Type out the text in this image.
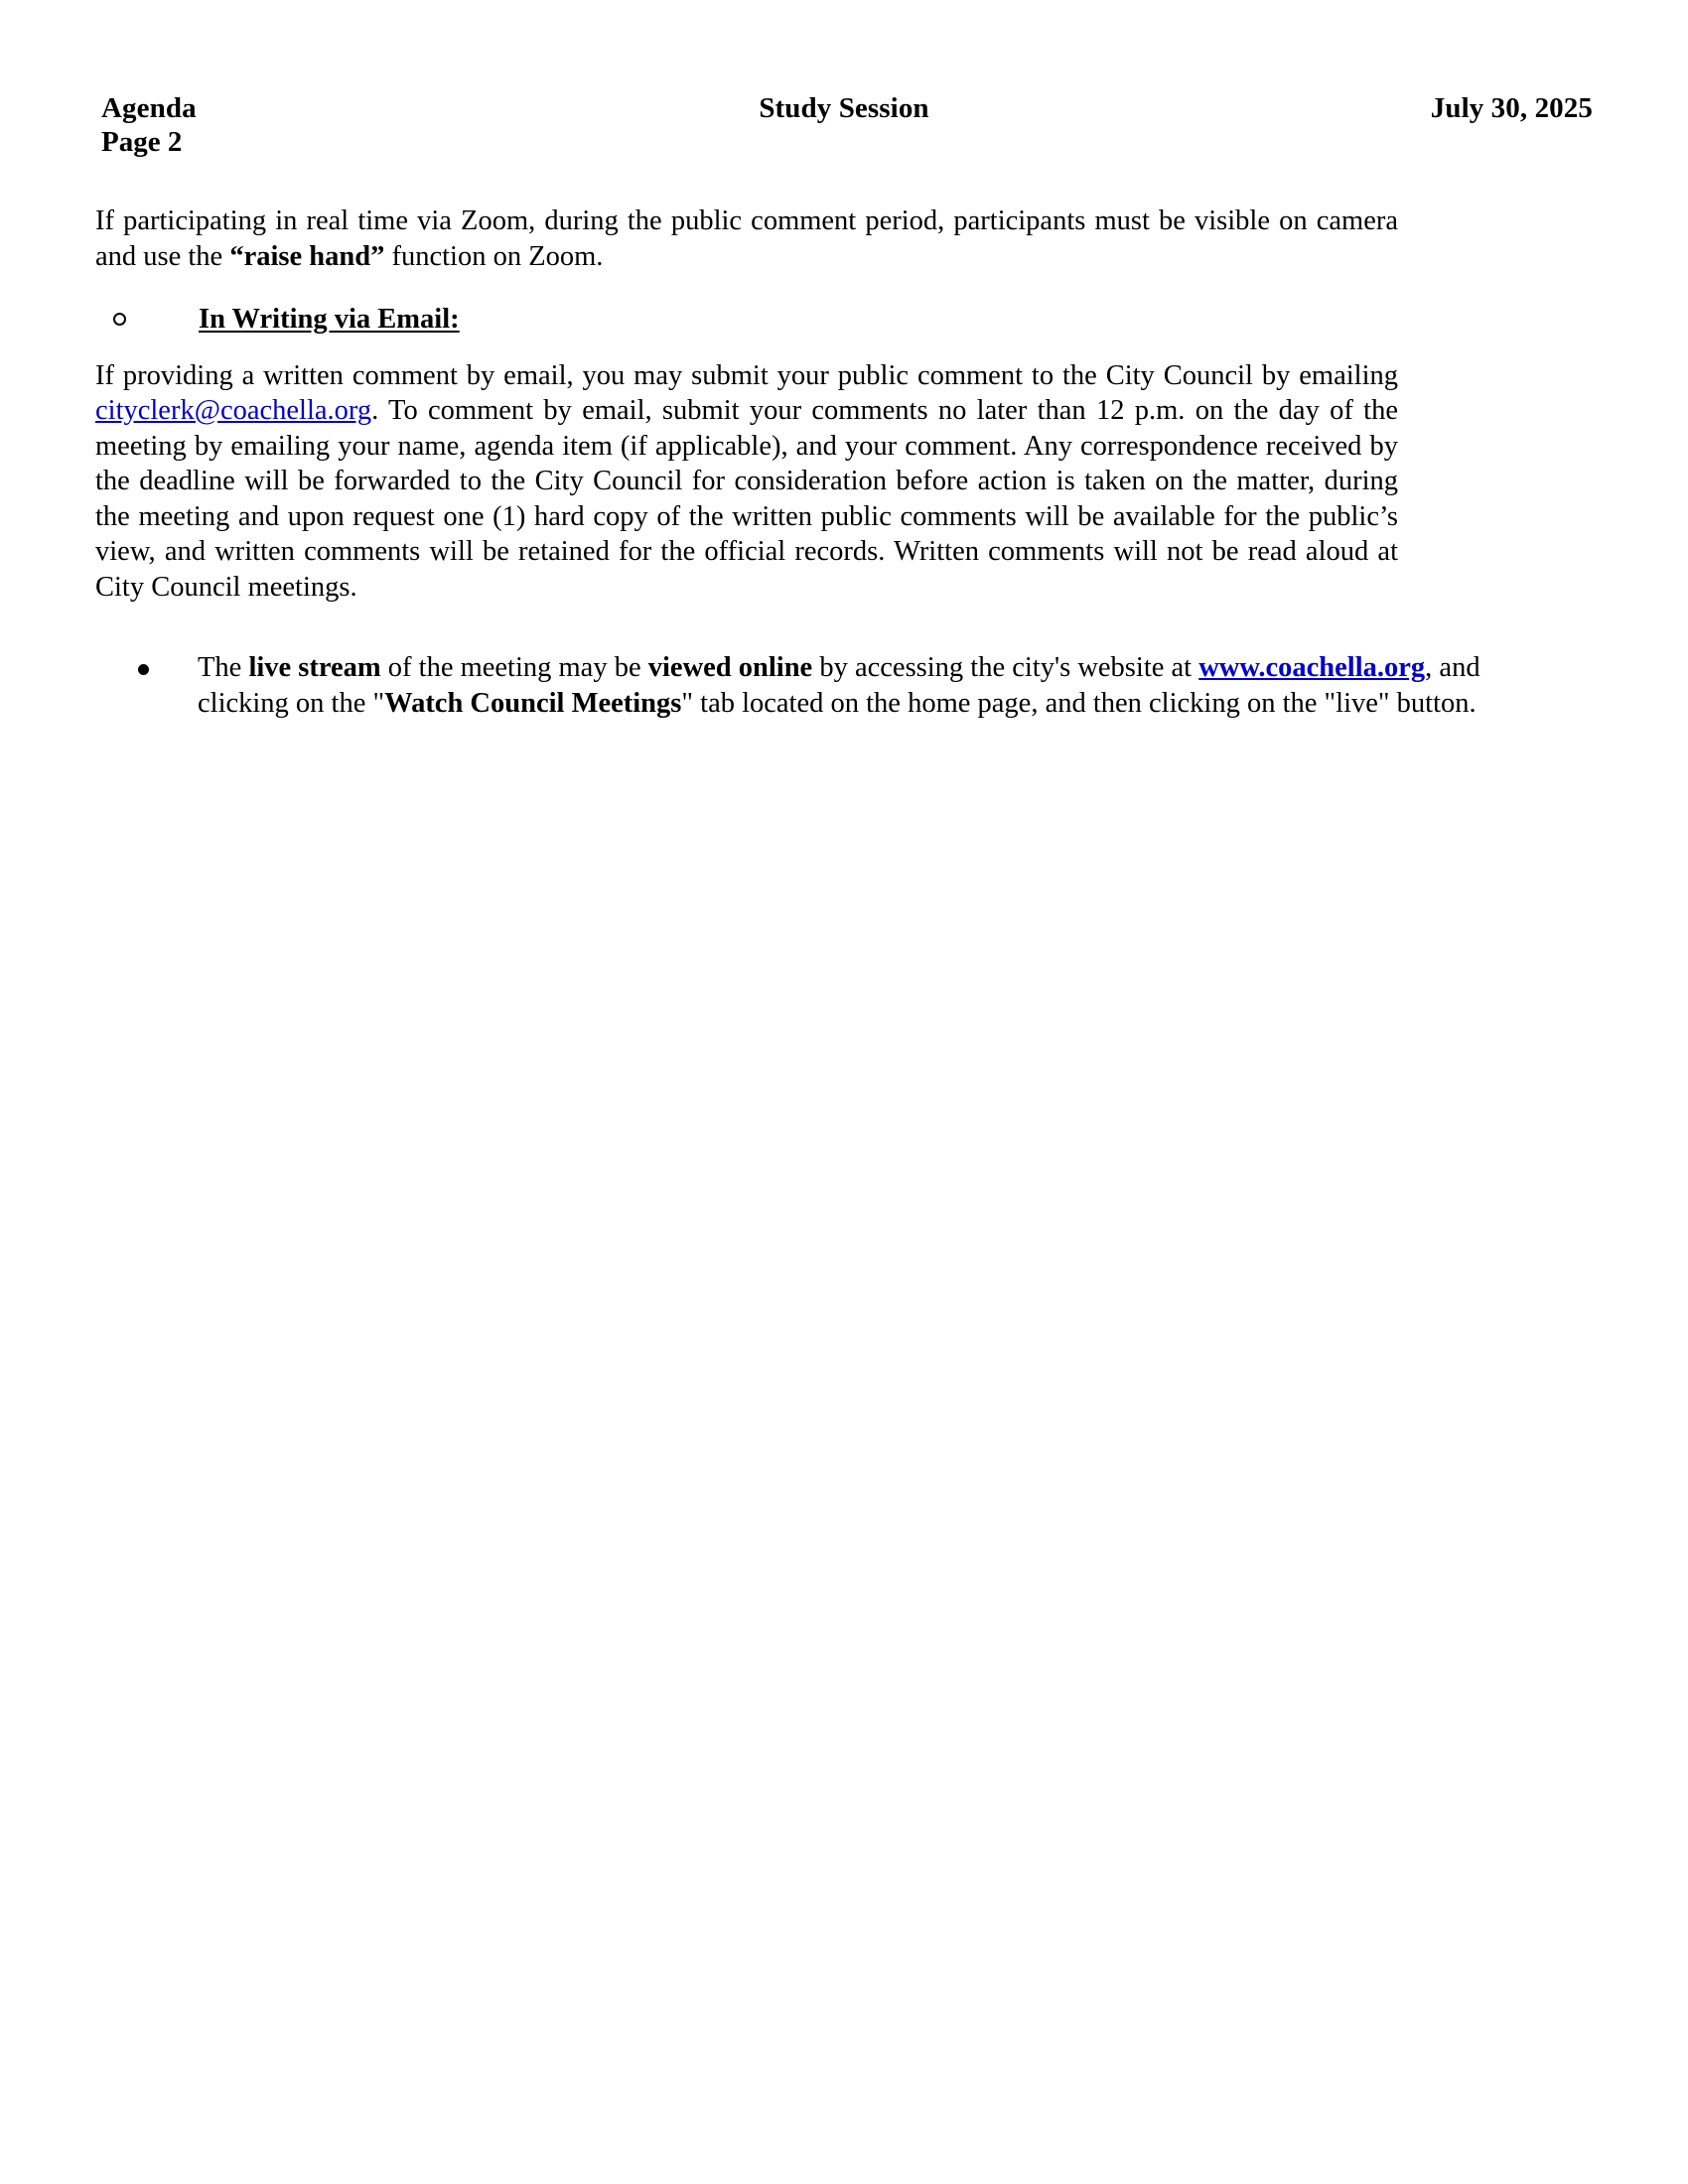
Agenda	Study Session	July 30, 2025
Page 2

If participating in real time via Zoom, during the public comment period, participants must be visible on camera and use the “raise hand” function on Zoom.

In Writing via Email:

If providing a written comment by email, you may submit your public comment to the City Council by emailing cityclerk@coachella.org. To comment by email, submit your comments no later than 12 p.m. on the day of the meeting by emailing your name, agenda item (if applicable), and your comment. Any correspondence received by the deadline will be forwarded to the City Council for consideration before action is taken on the matter, during the meeting and upon request one (1) hard copy of the written public comments will be available for the public’s view, and written comments will be retained for the official records. Written comments will not be read aloud at City Council meetings.

The live stream of the meeting may be viewed online by accessing the city's website at www.coachella.org, and clicking on the "Watch Council Meetings" tab located on the home page, and then clicking on the "live" button.
